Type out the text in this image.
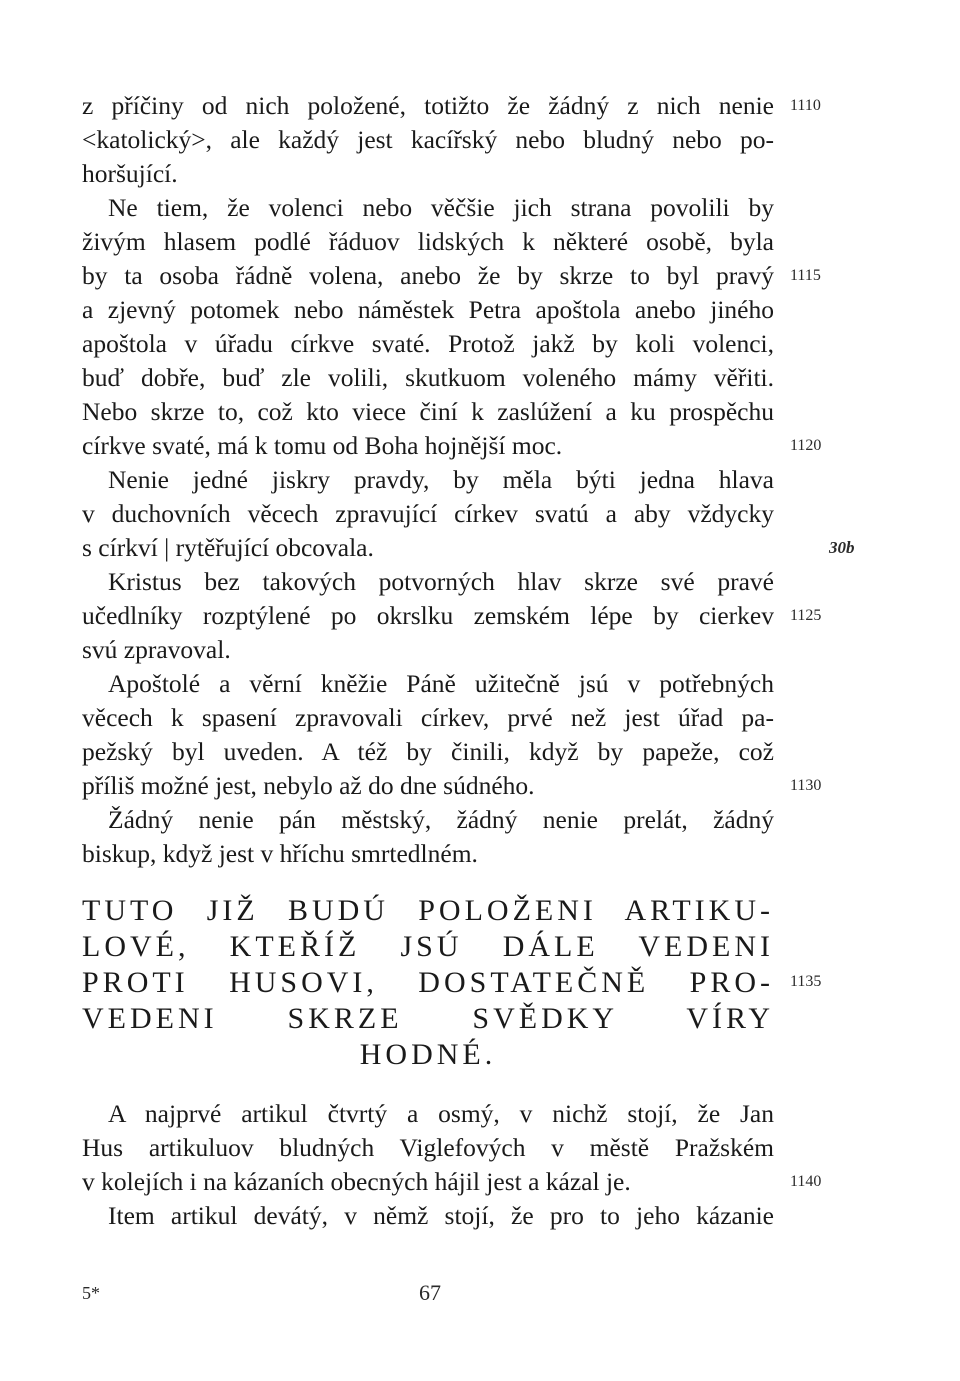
z příčiny od nich položené, totižto že žádný z nich nenie
<katolický>, ale každý jest kacířský nebo bludný nebo po-
horšující.
Ne tiem, že volenci nebo věčšie jich strana povolili by
živým hlasem podlé řáduov lidských k některé osobě, byla
by ta osoba řádně volena, anebo že by skrze to byl pravý
a zjevný potomek nebo náměstek Petra apoštola anebo jiného
apoštola v úřadu církve svaté. Protož jakž by koli volenci,
buď dobře, buď zle volili, skutkuom voleného mámy věřiti.
Nebo skrze to, což kto viece činí k zaslúžení a ku prospěchu
církve svaté, má k tomu od Boha hojnější moc.
Nenie jedné jiskry pravdy, by měla býti jedna hlava
v duchovních věcech zpravující církev svatú a aby vždycky
s církví | rytěřující obcovala.
Kristus bez takových potvorných hlav skrze své pravé
učedlníky rozptýlené po okrslku zemském lépe by cierkev
svú zpravoval.
Apoštolé a věrní kněžie Páně užitečně jsú v potřebných
věcech k spasení zpravovali církev, prvé než jest úřad pa-
pežský byl uveden. A též by činili, když by papeže, což
příliš možné jest, nebylo až do dne súdného.
Žádný nenie pán městský, žádný nenie prelát, žádný
biskup, když jest v hříchu smrtedlném.
TUTO JIŽ BUDÚ POLOŽENI ARTIKU-
LOVÉ, KTEŘÍŽ JSÚ DÁLE VEDENI
PROTI HUSOVI, DOSTATEČNĚ PRO-
VEDENI SKRZE SVĚDKY VÍRY
HODNÉ.
A najprvé artikul čtvrtý a osmý, v nichž stojí, že Jan
Hus artikuluov bludných Viglefových v městě Pražském
v kolejích i na kázaních obecných hájil jest a kázal je.
Item artikul devátý, v němž stojí, že pro to jeho kázanie
1110
1115
1120
30b
1125
1130
1135
1140
5*	67
